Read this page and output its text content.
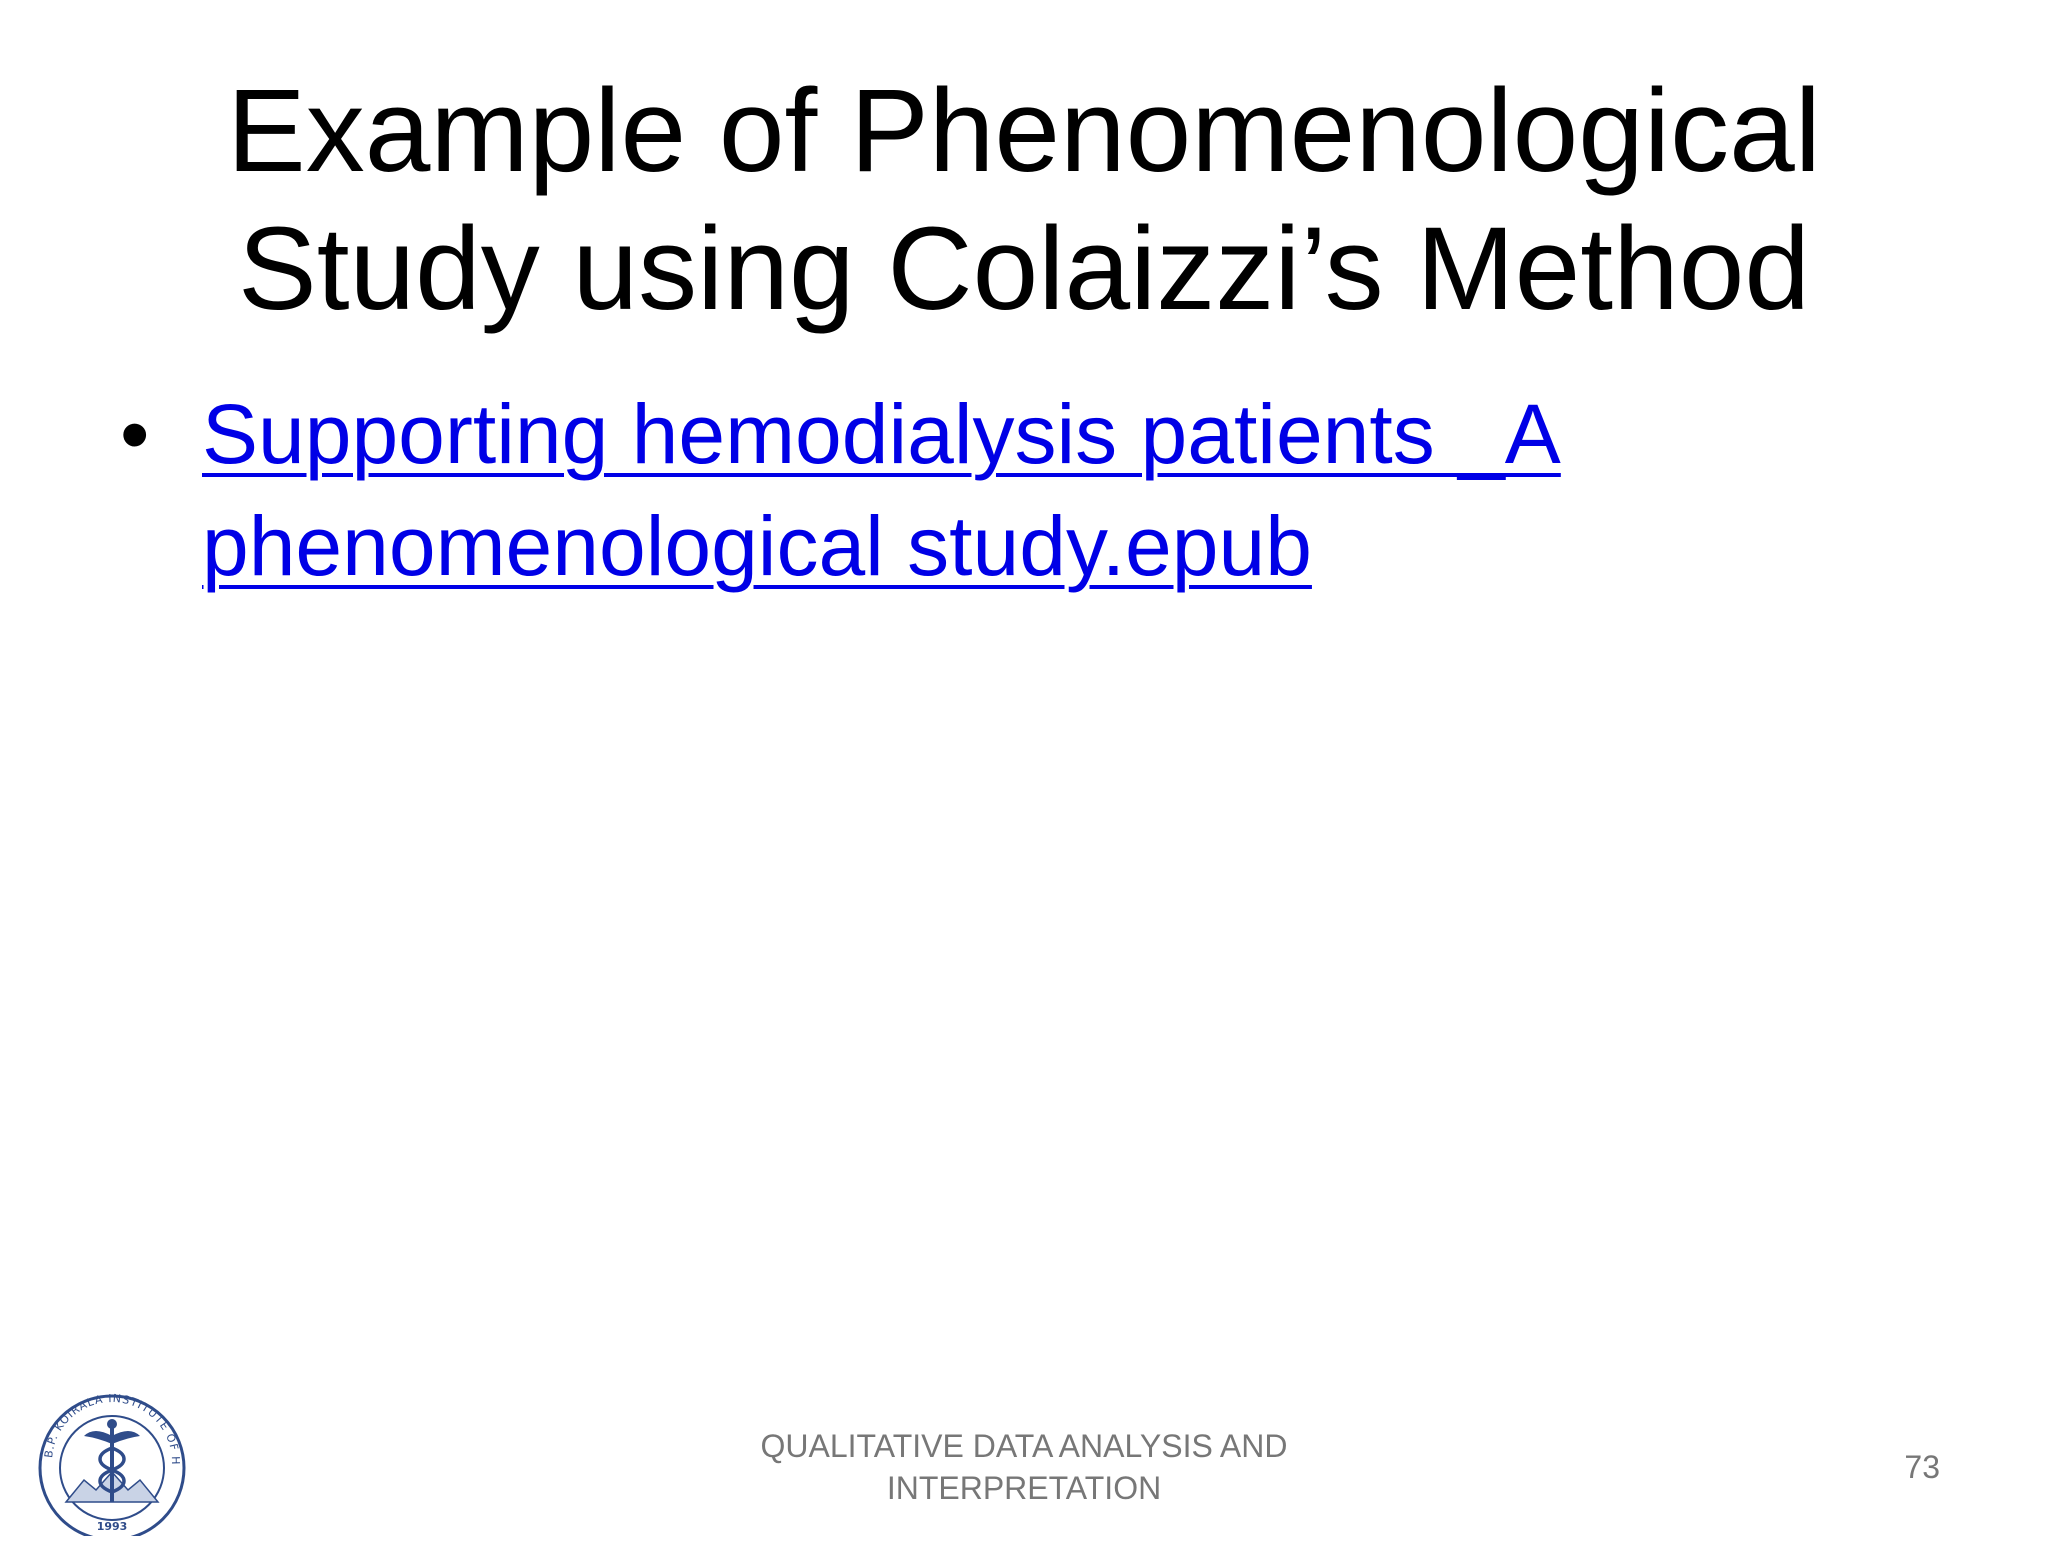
Example of Phenomenological
Study using Colaizzi’s Method
• Supporting hemodialysis patients _A
phenomenological study.epub
B.P. KOIRALA INSTITUTE OF H
1993
QUALITATIVE DATA ANALYSIS AND
INTERPRETATION
73
